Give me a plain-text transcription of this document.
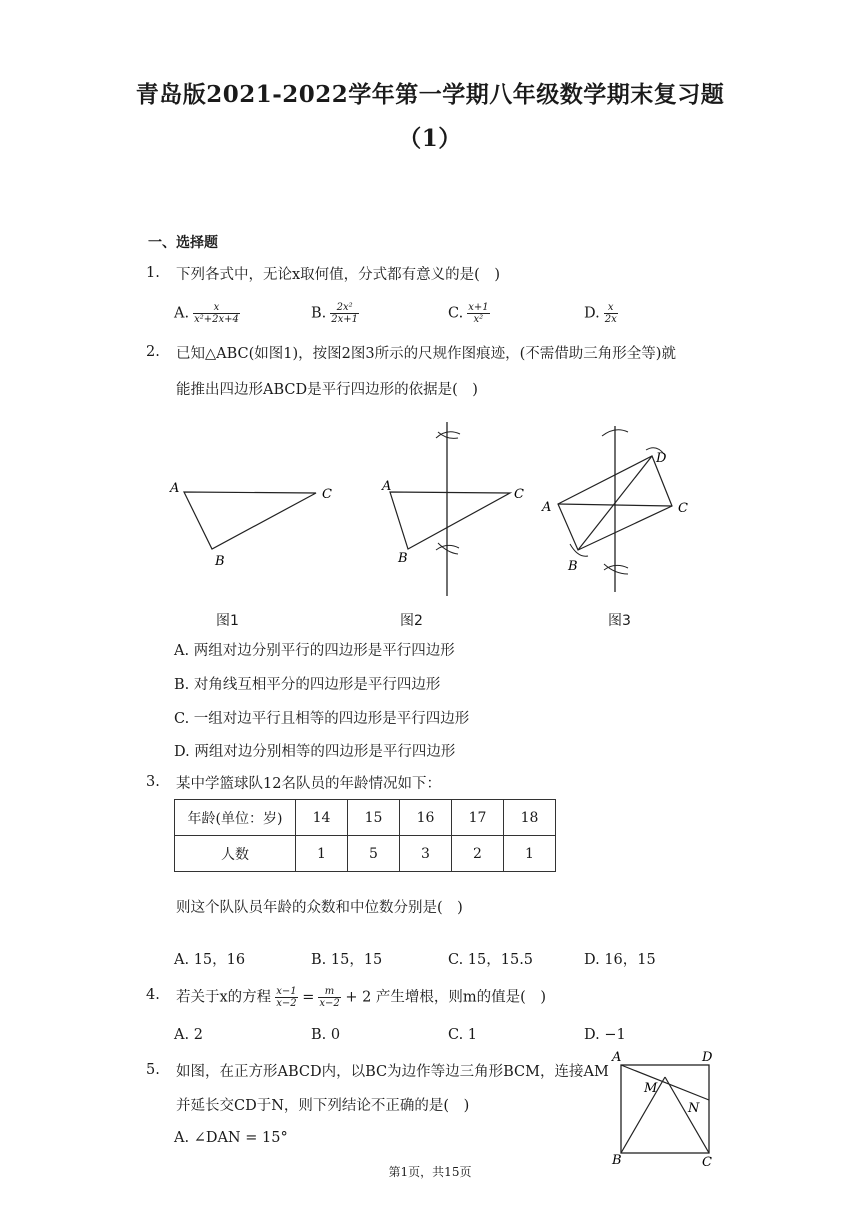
青岛版2021-2022学年第一学期八年级数学期末复习题
（1）
一、选择题
1. 下列各式中，无论x取何值，分式都有意义的是(　)
A. $\frac{x}{\text{x²+2x+4}}$	B. $\frac{\text{2x²}}{2x+1}$	C. $\frac{x+1}{\text{x²}}$	D. $\frac{x}{2x}$
2. 已知△ABC(如图1)，按图2图3所示的尺规作图痕迹，(不需借助三角形全等)就
能推出四边形ABCD是平行四边形的依据是(　)
A	C
B
A
C
B
A	C
D
B
图1	图2	图3
A. 两组对边分别平行的四边形是平行四边形
B. 对角线互相平分的四边形是平行四边形
C. 一组对边平行且相等的四边形是平行四边形
D. 两组对边分别相等的四边形是平行四边形
3. 某中学篮球队12名队员的年龄情况如下：
年龄(单位：岁)	14	15	16	17	18
人数	1	5	3	2	1
则这个队队员年龄的众数和中位数分别是(　)
A. 15，16	B. 15，15	C. 15，15.5	D. 16，15
4. 若关于x的方程 $\frac{x-1}{x-2} = \frac{m}{x-2} + 2$ 产生增根，则m的值是(　)
A. 2	B. 0	C. 1	D. −1
5. 如图，在正方形ABCD内，以BC为边作等边三角形BCM，连接AM
并延长交CD于N，则下列结论不正确的是(　)
A. ∠DAN = 15°
A	D
B	C
M
N
第1页，共15页
